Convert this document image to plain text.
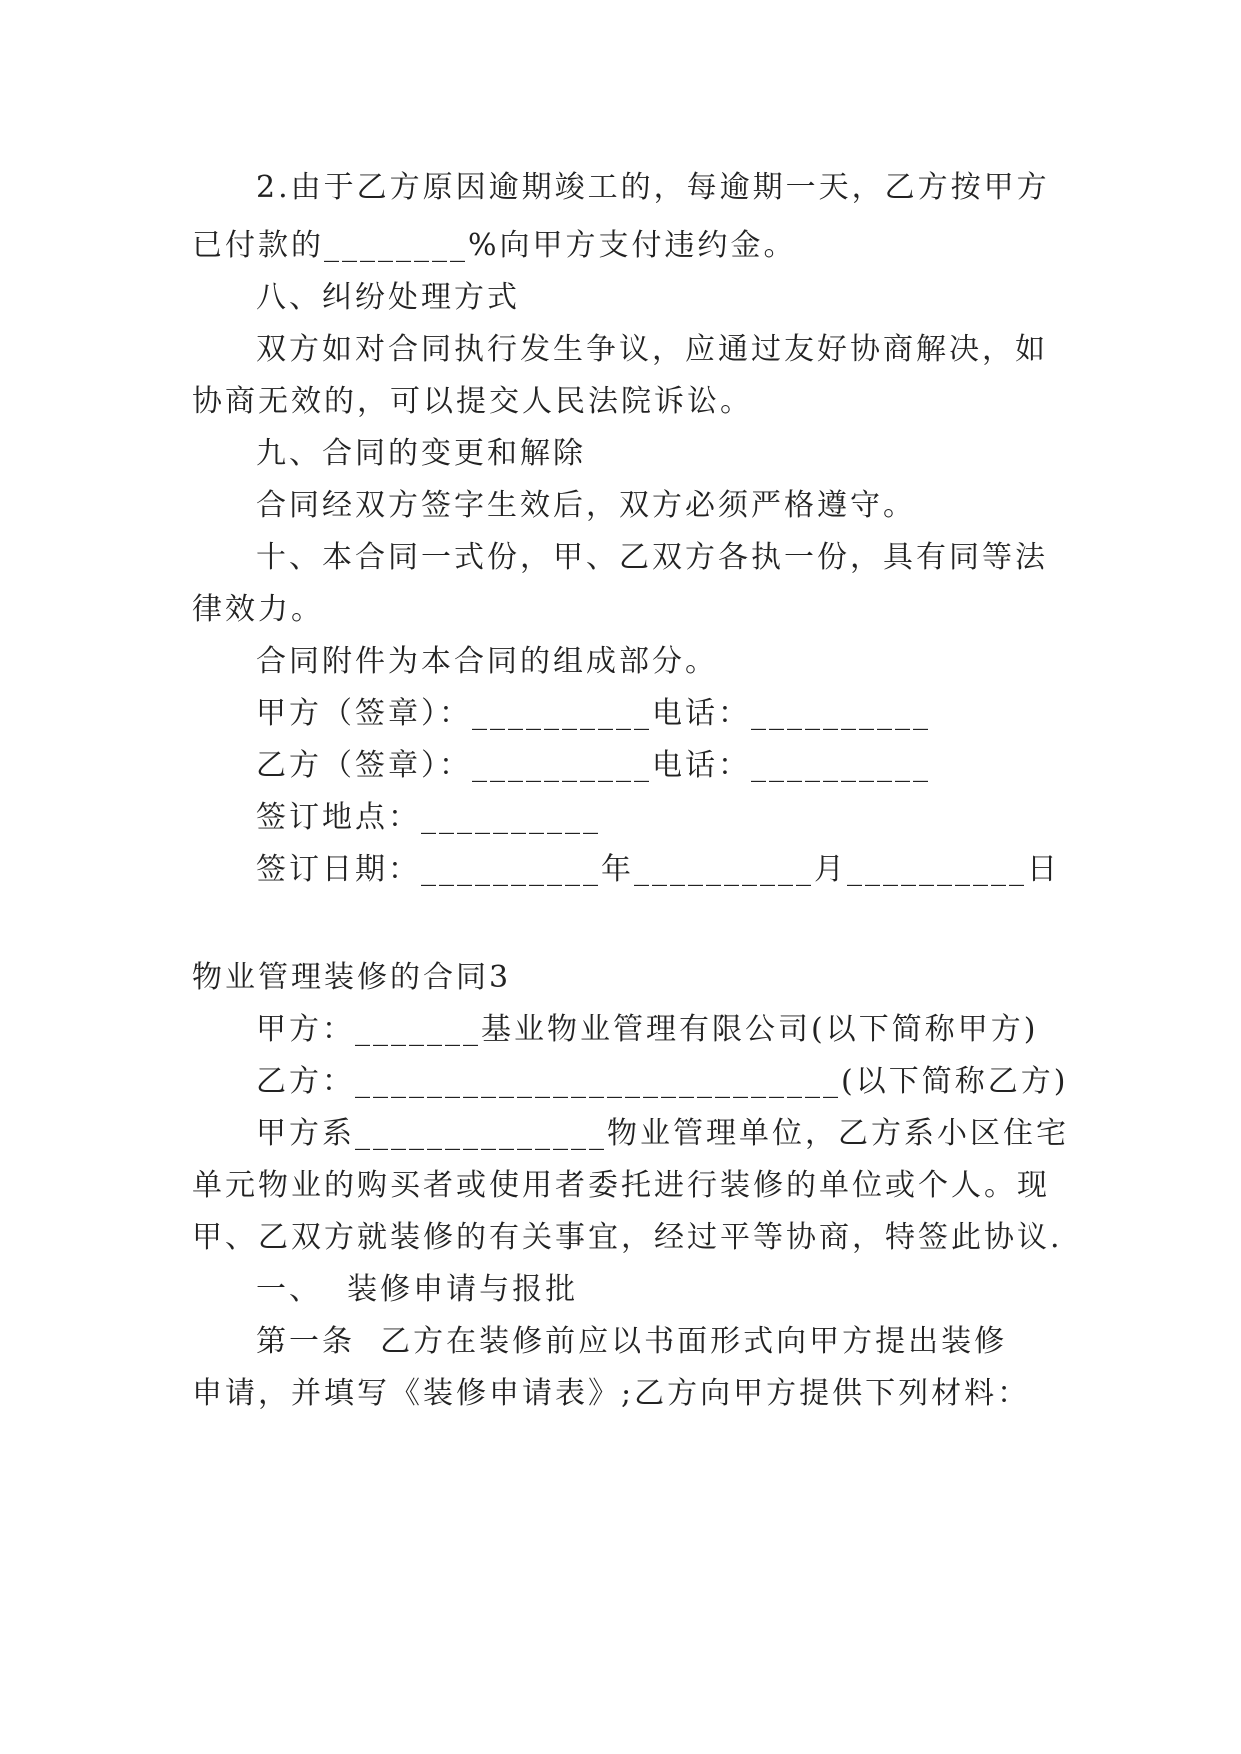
2.由于乙方原因逾期竣工的，每逾期一天，乙方按甲方
已付款的________%向甲方支付违约金。
八、纠纷处理方式
双方如对合同执行发生争议，应通过友好协商解决，如
协商无效的，可以提交人民法院诉讼。
九、合同的变更和解除
合同经双方签字生效后，双方必须严格遵守。
十、本合同一式份，甲、乙双方各执一份，具有同等法
律效力。
合同附件为本合同的组成部分。
甲方（签章）：__________电话：__________
乙方（签章）：__________电话：__________
签订地点：__________
签订日期：__________年__________月__________日
物业管理装修的合同3
甲方：_______基业物业管理有限公司(以下简称甲方)
乙方：___________________________(以下简称乙方)
甲方系______________物业管理单位，乙方系小区住宅
单元物业的购买者或使用者委托进行装修的单位或个人。现
甲、乙双方就装修的有关事宜，经过平等协商，特签此协议.
一、  装修申请与报批
第一条  乙方在装修前应以书面形式向甲方提出装修
申请，并填写《装修申请表》;乙方向甲方提供下列材料：
